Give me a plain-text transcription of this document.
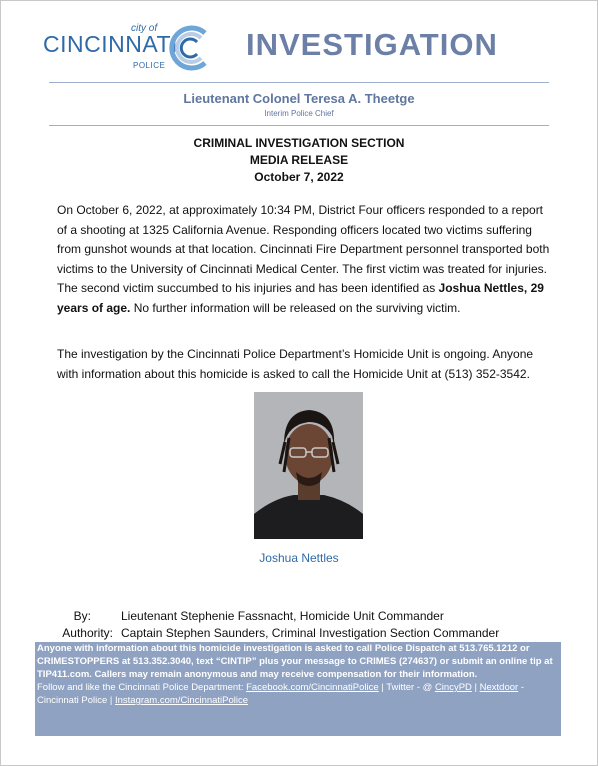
city of
CINCINNATI
POLICE
INVESTIGATION
Lieutenant Colonel Teresa A. Theetge
Interim Police Chief
CRIMINAL INVESTIGATION SECTION
MEDIA RELEASE
October 7, 2022

On October 6, 2022, at approximately 10:34 PM, District Four officers responded to a report of a shooting at 1325 California Avenue. Responding officers located two victims suffering from gunshot wounds at that location. Cincinnati Fire Department personnel transported both victims to the University of Cincinnati Medical Center. The first victim was treated for injuries. The second victim succumbed to his injuries and has been identified as Joshua Nettles, 29 years of age. No further information will be released on the surviving victim.

The investigation by the Cincinnati Police Department’s Homicide Unit is ongoing. Anyone with information about this homicide is asked to call the Homicide Unit at (513) 352-3542.

Joshua Nettles
By:	Lieutenant Stephenie Fassnacht, Homicide Unit Commander
Authority: Captain Stephen Saunders, Criminal Investigation Section Commander
Anyone with information about this homicide investigation is asked to call Police Dispatch at 513.765.1212 or CRIMESTOPPERS at 513.352.3040, text “CINTIP” plus your message to CRIMES (274637) or submit an online tip at TIP411.com. Callers may remain anonymous and may receive compensation for their information.
Follow and like the Cincinnati Police Department: Facebook.com/CincinnatiPolice | Twitter - @ CincyPD | Nextdoor - Cincinnati Police | Instagram.com/CincinnatiPolice
